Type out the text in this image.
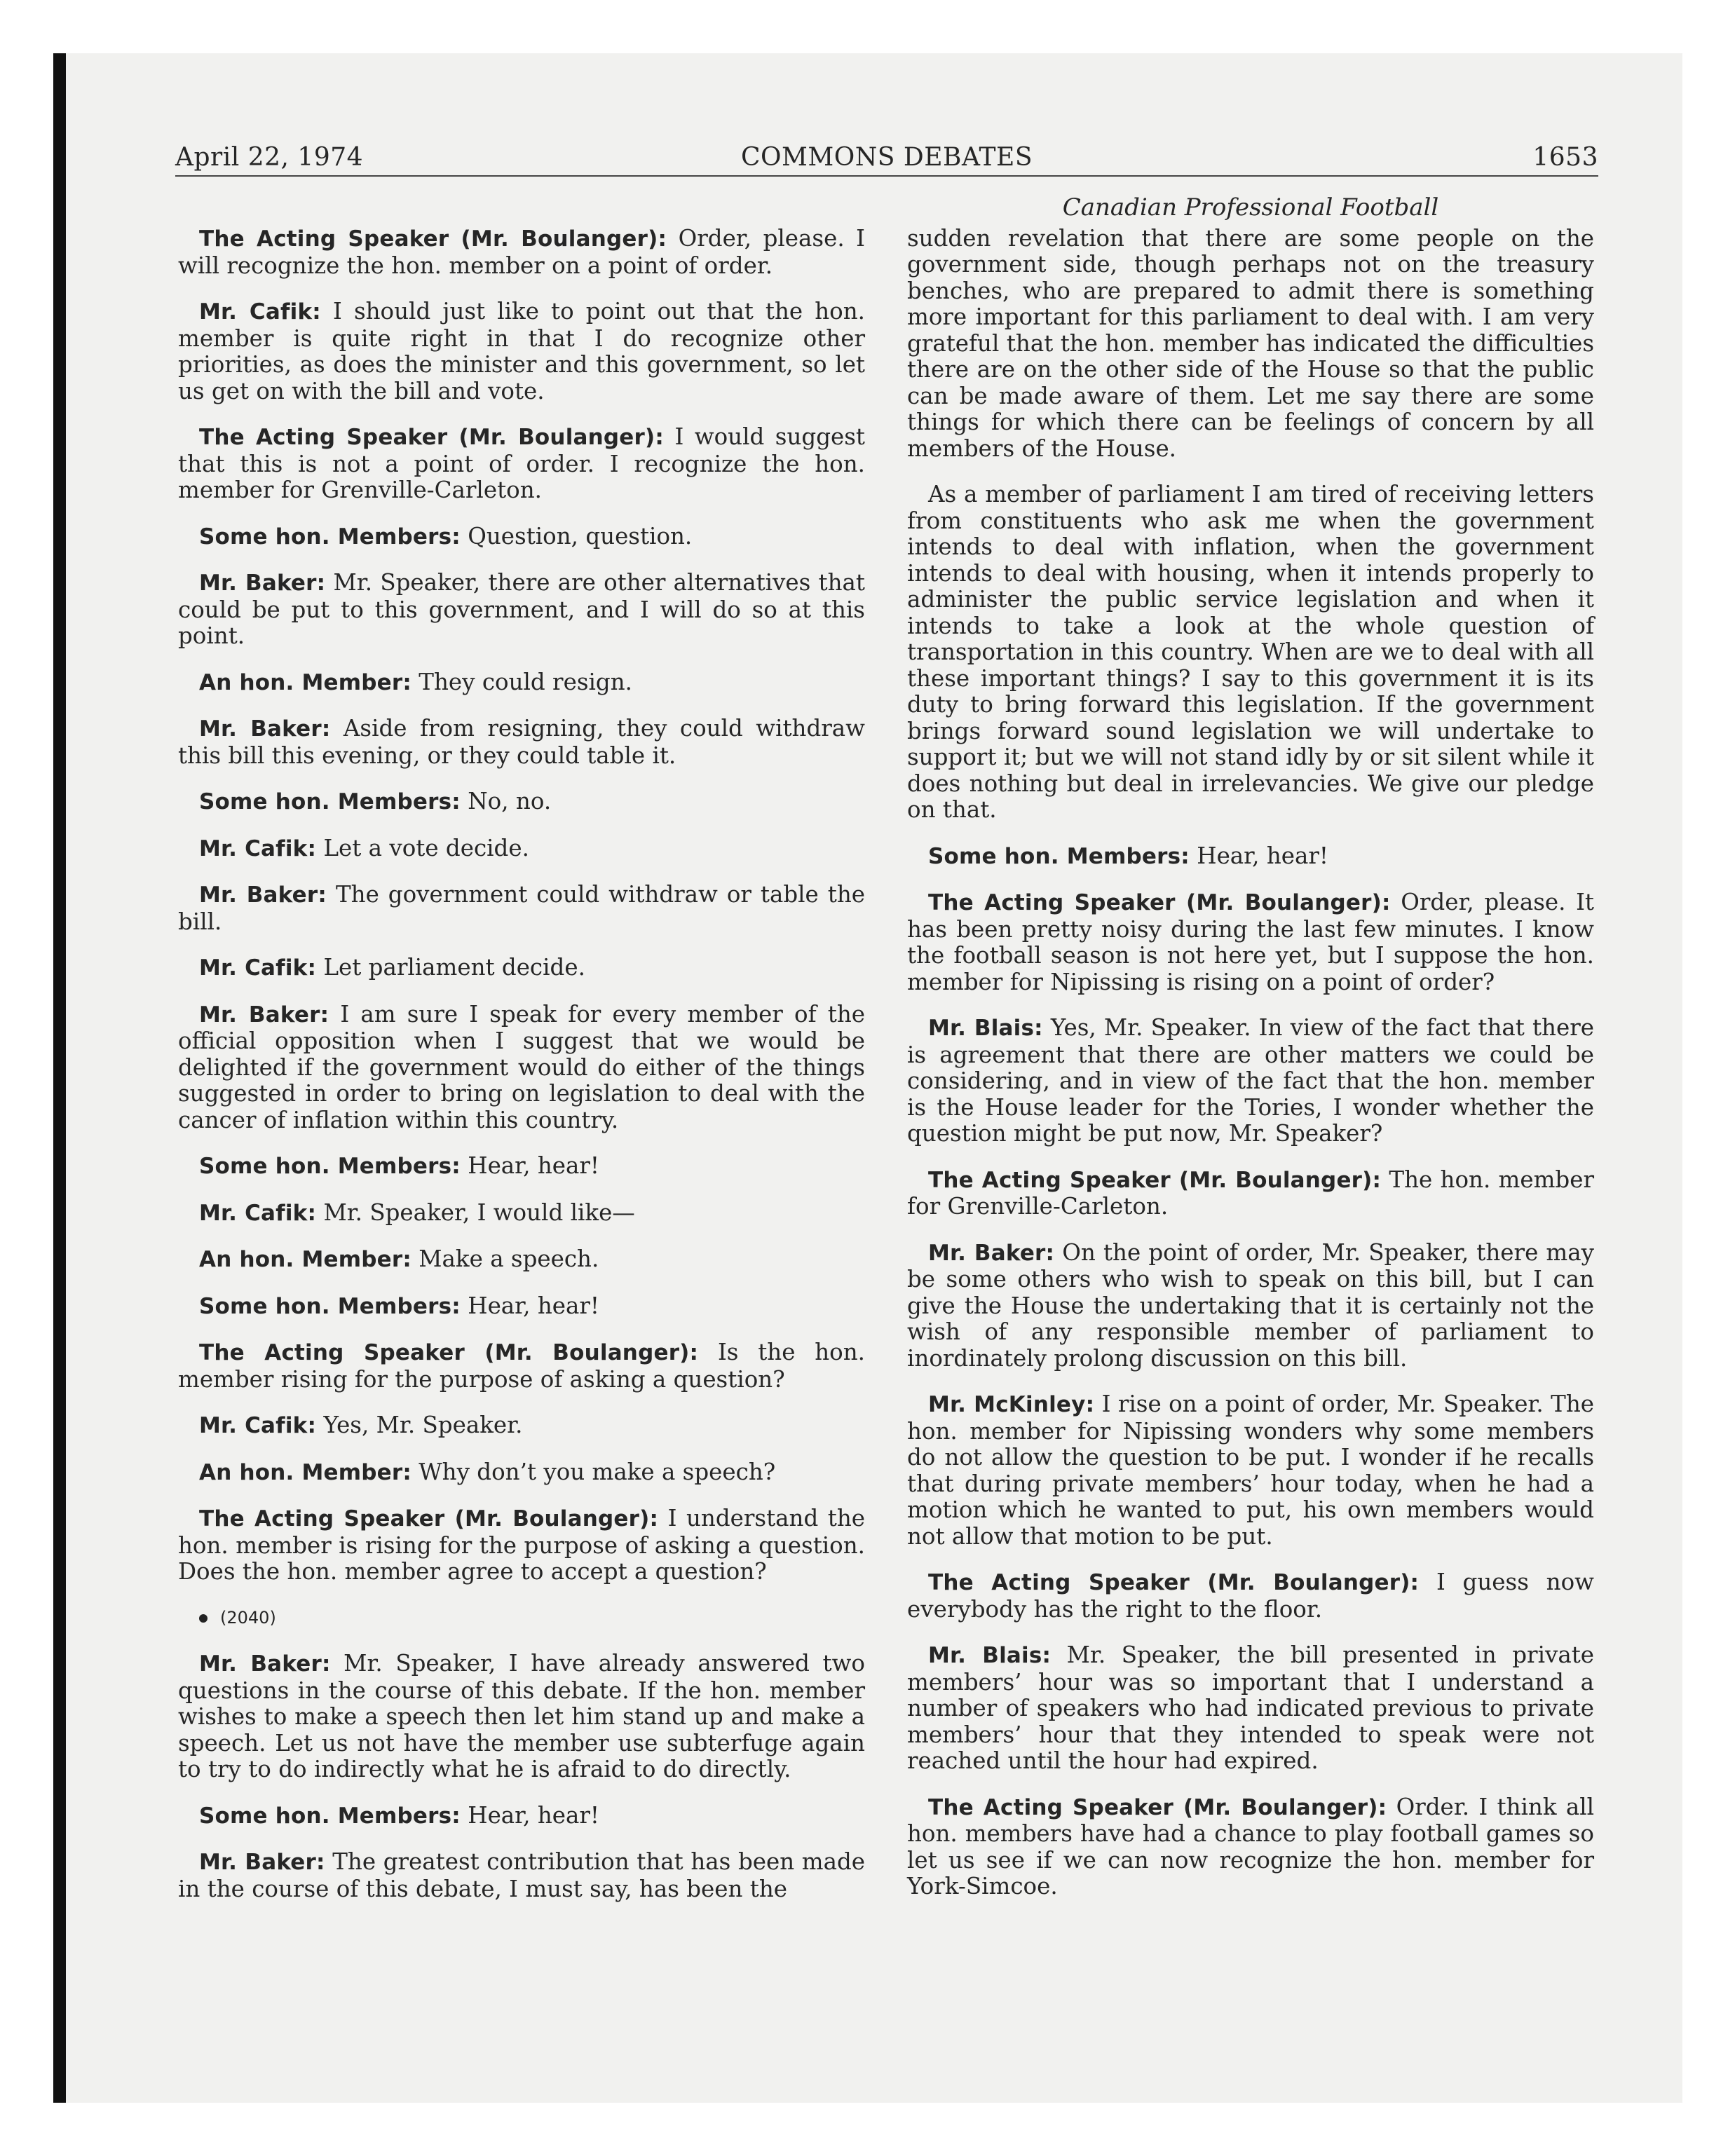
April 22, 1974	COMMONS DEBATES	1653

The Acting Speaker (Mr. Boulanger): Order, please. I will recognize the hon. member on a point of order.

Mr. Cafik: I should just like to point out that the hon. member is quite right in that I do recognize other priorities, as does the minister and this government, so let us get on with the bill and vote.

The Acting Speaker (Mr. Boulanger): I would suggest that this is not a point of order. I recognize the hon. member for Grenville-Carleton.

Some hon. Members: Question, question.

Mr. Baker: Mr. Speaker, there are other alternatives that could be put to this government, and I will do so at this point.

An hon. Member: They could resign.

Mr. Baker: Aside from resigning, they could withdraw this bill this evening, or they could table it.

Some hon. Members: No, no.

Mr. Cafik: Let a vote decide.

Mr. Baker: The government could withdraw or table the bill.

Mr. Cafik: Let parliament decide.

Mr. Baker: I am sure I speak for every member of the official opposition when I suggest that we would be delighted if the government would do either of the things suggested in order to bring on legislation to deal with the cancer of inflation within this country.

Some hon. Members: Hear, hear!

Mr. Cafik: Mr. Speaker, I would like—

An hon. Member: Make a speech.

Some hon. Members: Hear, hear!

The Acting Speaker (Mr. Boulanger): Is the hon. member rising for the purpose of asking a question?

Mr. Cafik: Yes, Mr. Speaker.

An hon. Member: Why don’t you make a speech?

The Acting Speaker (Mr. Boulanger): I understand the hon. member is rising for the purpose of asking a question. Does the hon. member agree to accept a question?

(2040)

Mr. Baker: Mr. Speaker, I have already answered two questions in the course of this debate. If the hon. member wishes to make a speech then let him stand up and make a speech. Let us not have the member use subterfuge again to try to do indirectly what he is afraid to do directly.

Some hon. Members: Hear, hear!

Mr. Baker: The greatest contribution that has been made in the course of this debate, I must say, has been the

Canadian Professional Football

sudden revelation that there are some people on the government side, though perhaps not on the treasury benches, who are prepared to admit there is something more important for this parliament to deal with. I am very grateful that the hon. member has indicated the difficulties there are on the other side of the House so that the public can be made aware of them. Let me say there are some things for which there can be feelings of concern by all members of the House.

As a member of parliament I am tired of receiving letters from constituents who ask me when the government intends to deal with inflation, when the government intends to deal with housing, when it intends properly to administer the public service legislation and when it intends to take a look at the whole question of transportation in this country. When are we to deal with all these important things? I say to this government it is its duty to bring forward this legislation. If the government brings forward sound legislation we will undertake to support it; but we will not stand idly by or sit silent while it does nothing but deal in irrelevancies. We give our pledge on that.

Some hon. Members: Hear, hear!

The Acting Speaker (Mr. Boulanger): Order, please. It has been pretty noisy during the last few minutes. I know the football season is not here yet, but I suppose the hon. member for Nipissing is rising on a point of order?

Mr. Blais: Yes, Mr. Speaker. In view of the fact that there is agreement that there are other matters we could be considering, and in view of the fact that the hon. member is the House leader for the Tories, I wonder whether the question might be put now, Mr. Speaker?

The Acting Speaker (Mr. Boulanger): The hon. member for Grenville-Carleton.

Mr. Baker: On the point of order, Mr. Speaker, there may be some others who wish to speak on this bill, but I can give the House the undertaking that it is certainly not the wish of any responsible member of parliament to inordinately prolong discussion on this bill.

Mr. McKinley: I rise on a point of order, Mr. Speaker. The hon. member for Nipissing wonders why some members do not allow the question to be put. I wonder if he recalls that during private members’ hour today, when he had a motion which he wanted to put, his own members would not allow that motion to be put.

The Acting Speaker (Mr. Boulanger): I guess now everybody has the right to the floor.

Mr. Blais: Mr. Speaker, the bill presented in private members’ hour was so important that I understand a number of speakers who had indicated previous to private members’ hour that they intended to speak were not reached until the hour had expired.

The Acting Speaker (Mr. Boulanger): Order. I think all hon. members have had a chance to play football games so let us see if we can now recognize the hon. member for York-Simcoe.
